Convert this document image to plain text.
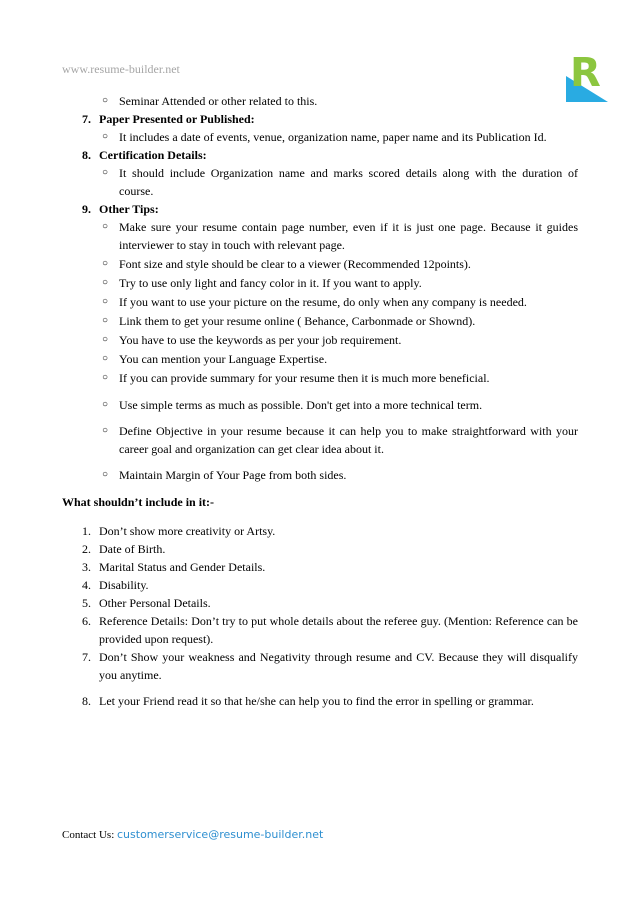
www.resume-builder.net	R
○ Seminar Attended or other related to this.
7. Paper Presented or Published:
○ It includes a date of events, venue, organization name, paper name and its Publication Id.
8. Certification Details:
○ It should include Organization name and marks scored details along with the duration of course.
9. Other Tips:
○ Make sure your resume contain page number, even if it is just one page. Because it guides interviewer to stay in touch with relevant page.
○ Font size and style should be clear to a viewer (Recommended 12points).
○ Try to use only light and fancy color in it. If you want to apply.
○ If you want to use your picture on the resume, do only when any company is needed.
○ Link them to get your resume online ( Behance, Carbonmade or Shownd).
○ You have to use the keywords as per your job requirement.
○ You can mention your Language Expertise.
○ If you can provide summary for your resume then it is much more beneficial.
○ Use simple terms as much as possible. Don't get into a more technical term.
○ Define Objective in your resume because it can help you to make straightforward with your career goal and organization can get clear idea about it.
○ Maintain Margin of Your Page from both sides.
What shouldn’t include in it:-
1. Don’t show more creativity or Artsy.
2. Date of Birth.
3. Marital Status and Gender Details.
4. Disability.
5. Other Personal Details.
6. Reference Details: Don’t try to put whole details about the referee guy. (Mention: Reference can be provided upon request).
7. Don’t Show your weakness and Negativity through resume and CV. Because they will disqualify you anytime.
8. Let your Friend read it so that he/she can help you to find the error in spelling or grammar.
Contact Us: customerservice@resume-builder.net
